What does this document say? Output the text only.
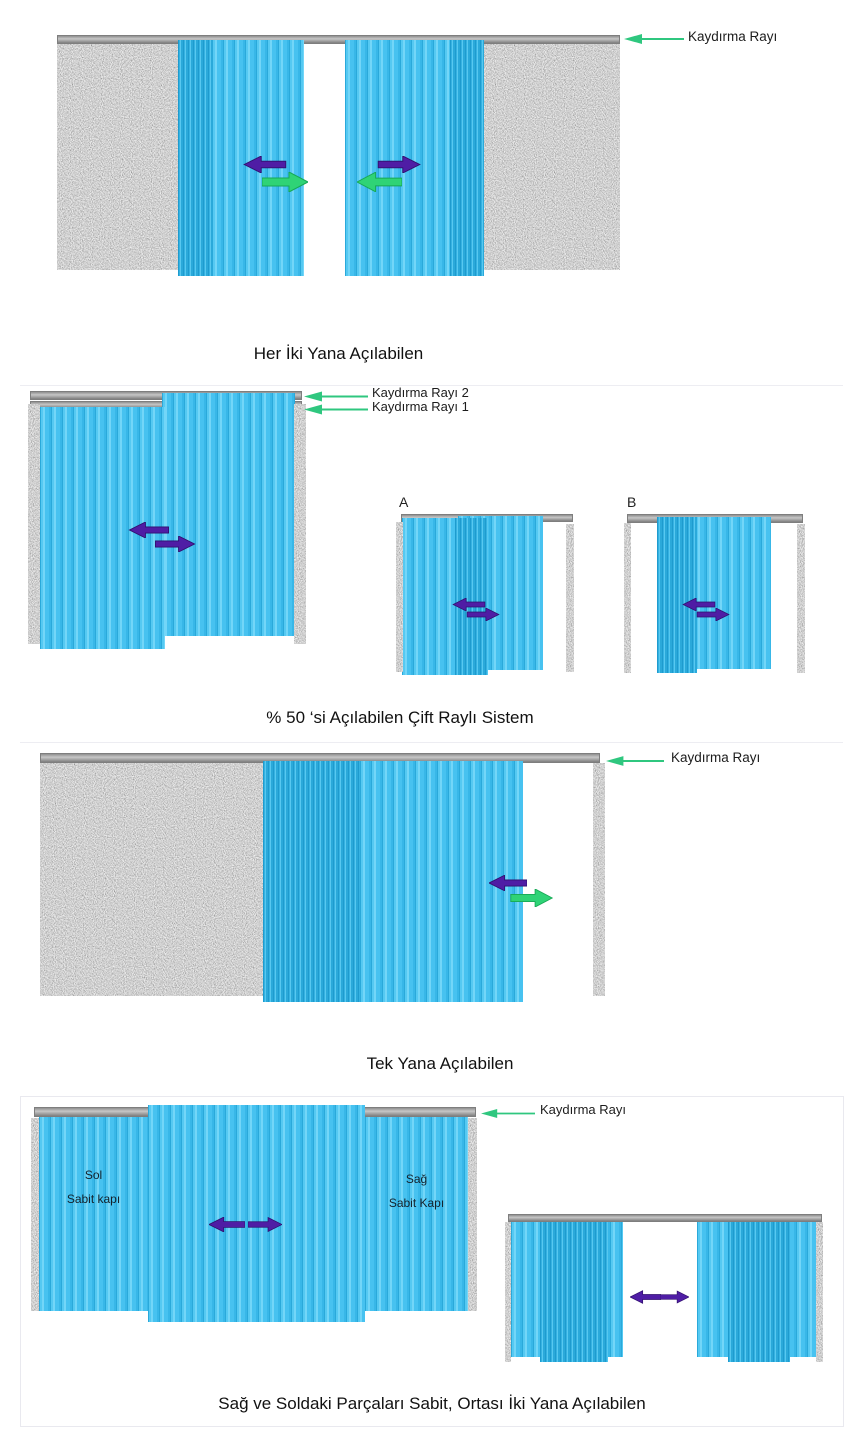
Kaydırma Rayı
Her İki Yana Açılabilen
Kaydırma Rayı 2
Kaydırma Rayı 1
A	B
% 50 ‘si Açılabilen Çift Raylı Sistem
Kaydırma Rayı
Tek Yana Açılabilen
Sol
Sabit kapı
Sağ
Sabit Kapı
Kaydırma Rayı
Sağ ve Soldaki Parçaları Sabit, Ortası İki Yana Açılabilen
